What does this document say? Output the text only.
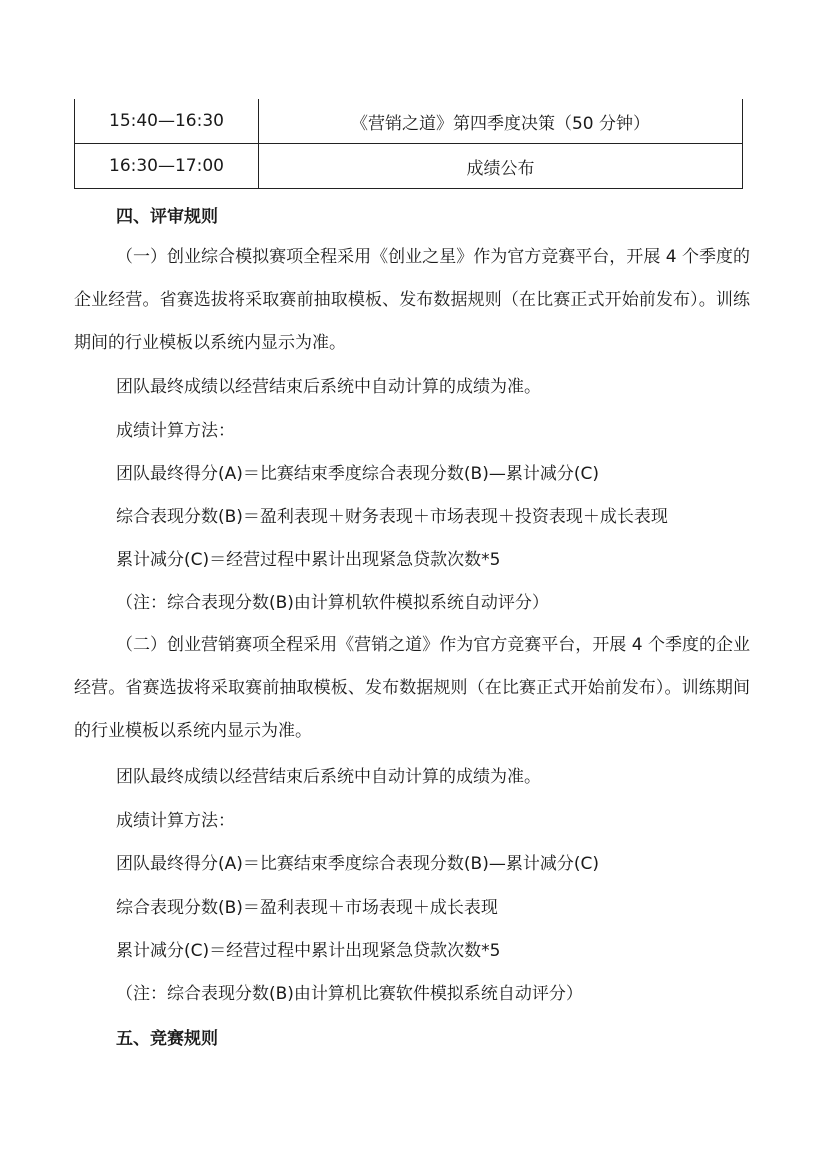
15:40—16:30	《营销之道》第四季度决策（50 分钟）
16:30—17:00	成绩公布
四、评审规则

（一）创业综合模拟赛项全程采用《创业之星》作为官方竞赛平台，开展 4 个季度的企业经营。省赛选拔将采取赛前抽取模板、发布数据规则（在比赛正式开始前发布）。训练期间的行业模板以系统内显示为准。

团队最终成绩以经营结束后系统中自动计算的成绩为准。

成绩计算方法：

团队最终得分(A)＝比赛结束季度综合表现分数(B)—累计减分(C)

综合表现分数(B)＝盈利表现＋财务表现＋市场表现＋投资表现＋成长表现

累计减分(C)＝经营过程中累计出现紧急贷款次数*5

（注：综合表现分数(B)由计算机软件模拟系统自动评分）

（二）创业营销赛项全程采用《营销之道》作为官方竞赛平台，开展 4 个季度的企业经营。省赛选拔将采取赛前抽取模板、发布数据规则（在比赛正式开始前发布）。训练期间的行业模板以系统内显示为准。

团队最终成绩以经营结束后系统中自动计算的成绩为准。

成绩计算方法：

团队最终得分(A)＝比赛结束季度综合表现分数(B)—累计减分(C)

综合表现分数(B)＝盈利表现＋市场表现＋成长表现

累计减分(C)＝经营过程中累计出现紧急贷款次数*5

（注：综合表现分数(B)由计算机比赛软件模拟系统自动评分）

五、竞赛规则
